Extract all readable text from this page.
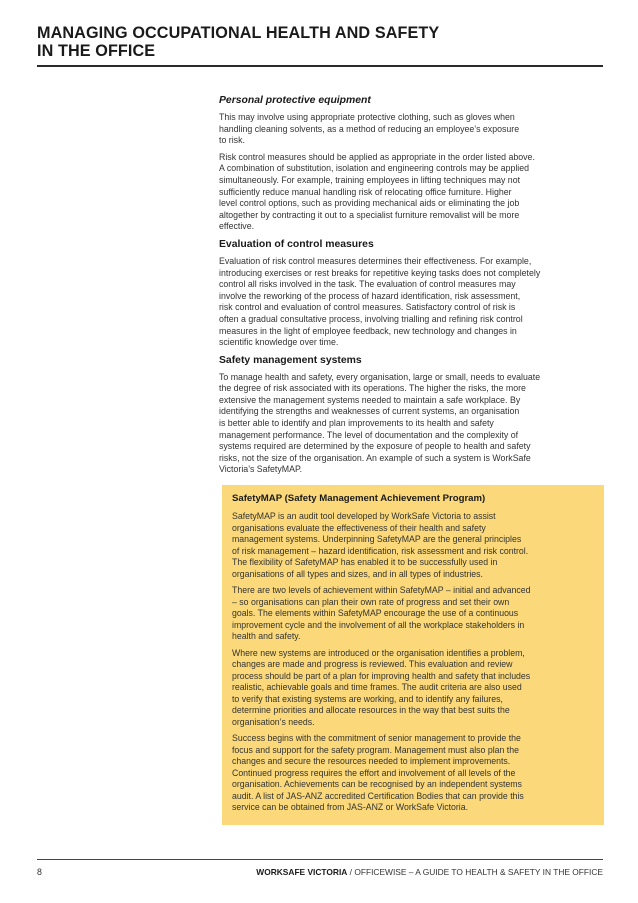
MANAGING OCCUPATIONAL HEALTH AND SAFETY
IN THE OFFICE
Personal protective equipment
This may involve using appropriate protective clothing, such as gloves when
handling cleaning solvents, as a method of reducing an employee’s exposure
to risk.
Risk control measures should be applied as appropriate in the order listed above.
A combination of substitution, isolation and engineering controls may be applied
simultaneously. For example, training employees in lifting techniques may not
sufficiently reduce manual handling risk of relocating office furniture. Higher
level control options, such as providing mechanical aids or eliminating the job
altogether by contracting it out to a specialist furniture removalist will be more
effective.
Evaluation of control measures
Evaluation of risk control measures determines their effectiveness. For example,
introducing exercises or rest breaks for repetitive keying tasks does not completely
control all risks involved in the task. The evaluation of control measures may
involve the reworking of the process of hazard identification, risk assessment,
risk control and evaluation of control measures. Satisfactory control of risk is
often a gradual consultative process, involving trialling and refining risk control
measures in the light of employee feedback, new technology and changes in
scientific knowledge over time.
Safety management systems
To manage health and safety, every organisation, large or small, needs to evaluate
the degree of risk associated with its operations. The higher the risks, the more
extensive the management systems needed to maintain a safe workplace. By
identifying the strengths and weaknesses of current systems, an organisation
is better able to identify and plan improvements to its health and safety
management performance. The level of documentation and the complexity of
systems required are determined by the exposure of people to health and safety
risks, not the size of the organisation. An example of such a system is WorkSafe
Victoria’s SafetyMAP.
SafetyMAP (Safety Management Achievement Program)
SafetyMAP is an audit tool developed by WorkSafe Victoria to assist
organisations evaluate the effectiveness of their health and safety
management systems. Underpinning SafetyMAP are the general principles
of risk management – hazard identification, risk assessment and risk control.
The flexibility of SafetyMAP has enabled it to be successfully used in
organisations of all types and sizes, and in all types of industries.
There are two levels of achievement within SafetyMAP – initial and advanced
– so organisations can plan their own rate of progress and set their own
goals. The elements within SafetyMAP encourage the use of a continuous
improvement cycle and the involvement of all the workplace stakeholders in
health and safety.
Where new systems are introduced or the organisation identifies a problem,
changes are made and progress is reviewed. This evaluation and review
process should be part of a plan for improving health and safety that includes
realistic, achievable goals and time frames. The audit criteria are also used
to verify that existing systems are working, and to identify any failures,
determine priorities and allocate resources in the way that best suits the
organisation’s needs.
Success begins with the commitment of senior management to provide the
focus and support for the safety program. Management must also plan the
changes and secure the resources needed to implement improvements.
Continued progress requires the effort and involvement of all levels of the
organisation. Achievements can be recognised by an independent systems
audit. A list of JAS-ANZ accredited Certification Bodies that can provide this
service can be obtained from JAS-ANZ or WorkSafe Victoria.
8	WORKSAFE VICTORIA / OFFICEWISE – A GUIDE TO HEALTH & SAFETY IN THE OFFICE
